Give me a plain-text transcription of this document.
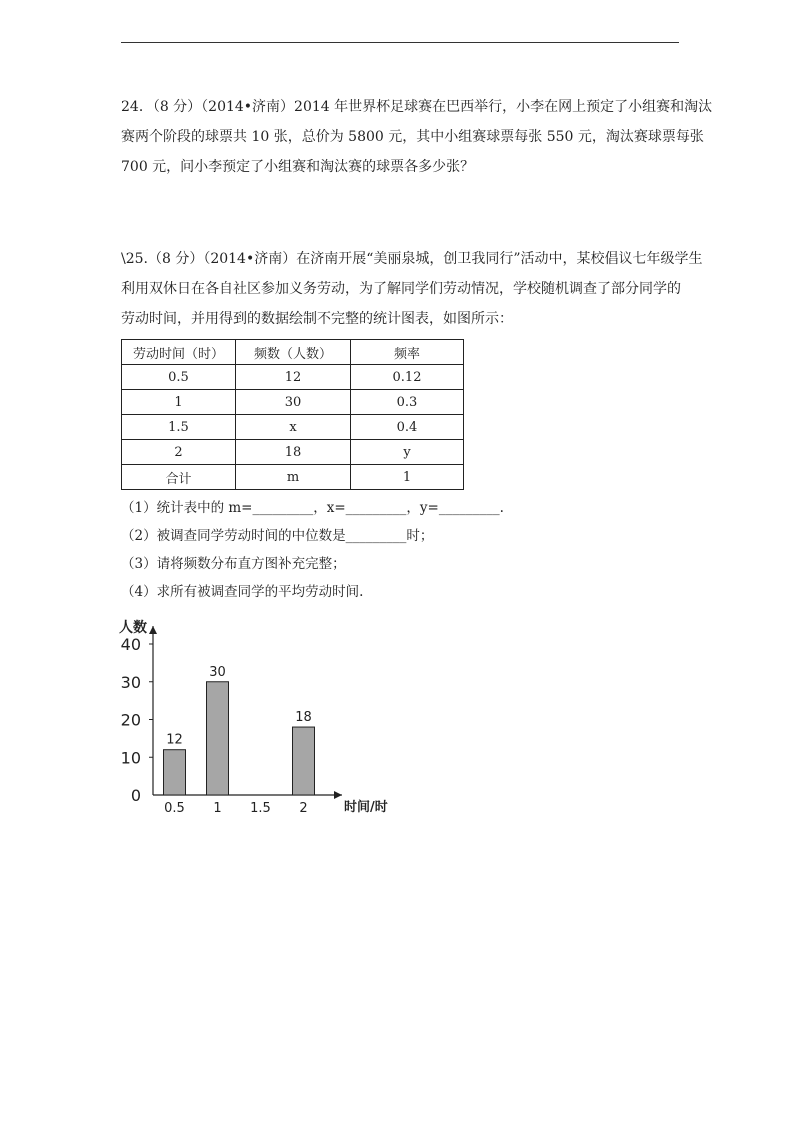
24．（8 分）（2014•济南）2014 年世界杯足球赛在巴西举行，小李在网上预定了小组赛和淘汰
赛两个阶段的球票共 10 张，总价为 5800 元，其中小组赛球票每张 550 元，淘汰赛球票每张
700 元，问小李预定了小组赛和淘汰赛的球票各多少张？
\25.（8 分）（2014•济南）在济南开展“美丽泉城，创卫我同行”活动中，某校倡议七年级学生
利用双休日在各自社区参加义务劳动，为了解同学们劳动情况，学校随机调查了部分同学的
劳动时间，并用得到的数据绘制不完整的统计图表，如图所示：
劳动时间（时）	频数（人数）	频率
0.5	12	0.12
1	30	0.3
1.5	x	0.4
2	18	y
合计	m	1
（1）统计表中的 m=_________，x=_________，y=_________.
（2）被调查同学劳动时间的中位数是_________时；
（3）请将频数分布直方图补充完整；
（4）求所有被调查同学的平均劳动时间.
0
10
20
30
40
人数
时间/时
12
0.5
30
1 1.5
18
2
